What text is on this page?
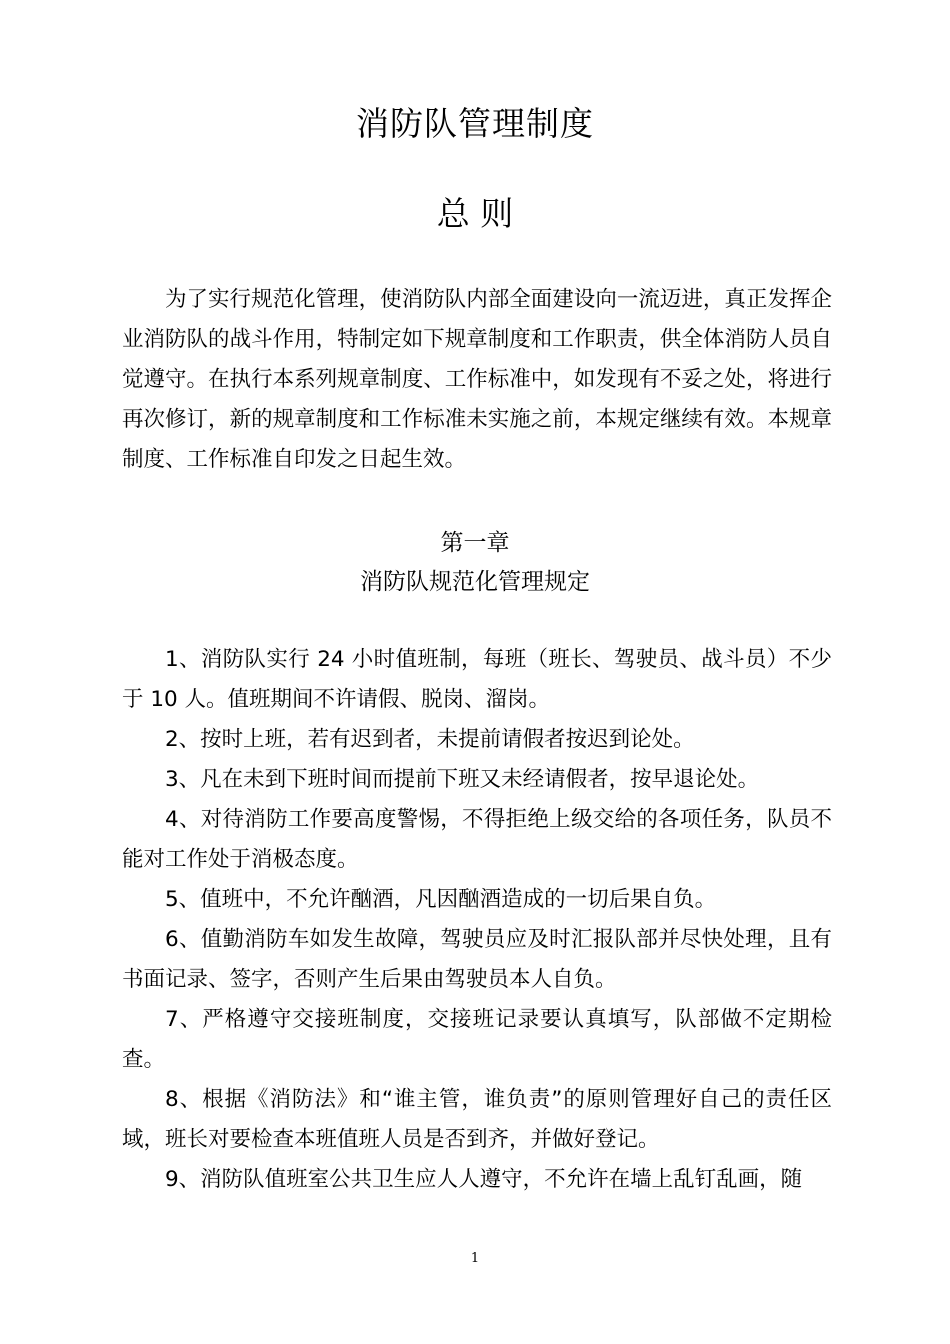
消防队管理制度
总 则

为了实行规范化管理，使消防队内部全面建设向一流迈进，真正发挥企业消防队的战斗作用，特制定如下规章制度和工作职责，供全体消防人员自觉遵守。在执行本系列规章制度、工作标准中，如发现有不妥之处，将进行再次修订，新的规章制度和工作标准未实施之前，本规定继续有效。本规章制度、工作标准自印发之日起生效。

第一章
消防队规范化管理规定
1、消防队实行 24 小时值班制，每班（班长、驾驶员、战斗员）不少于 10 人。值班期间不许请假、脱岗、溜岗。
2、按时上班，若有迟到者，未提前请假者按迟到论处。
3、凡在未到下班时间而提前下班又未经请假者，按早退论处。
4、对待消防工作要高度警惕，不得拒绝上级交给的各项任务，队员不能对工作处于消极态度。
5、值班中，不允许酗酒，凡因酗酒造成的一切后果自负。
6、值勤消防车如发生故障，驾驶员应及时汇报队部并尽快处理，且有书面记录、签字，否则产生后果由驾驶员本人自负。
7、严格遵守交接班制度，交接班记录要认真填写，队部做不定期检查。
8、根据《消防法》和“谁主管，谁负责”的原则管理好自己的责任区域，班长对要检查本班值班人员是否到齐，并做好登记。
9、消防队值班室公共卫生应人人遵守，不允许在墙上乱钉乱画，随
1
